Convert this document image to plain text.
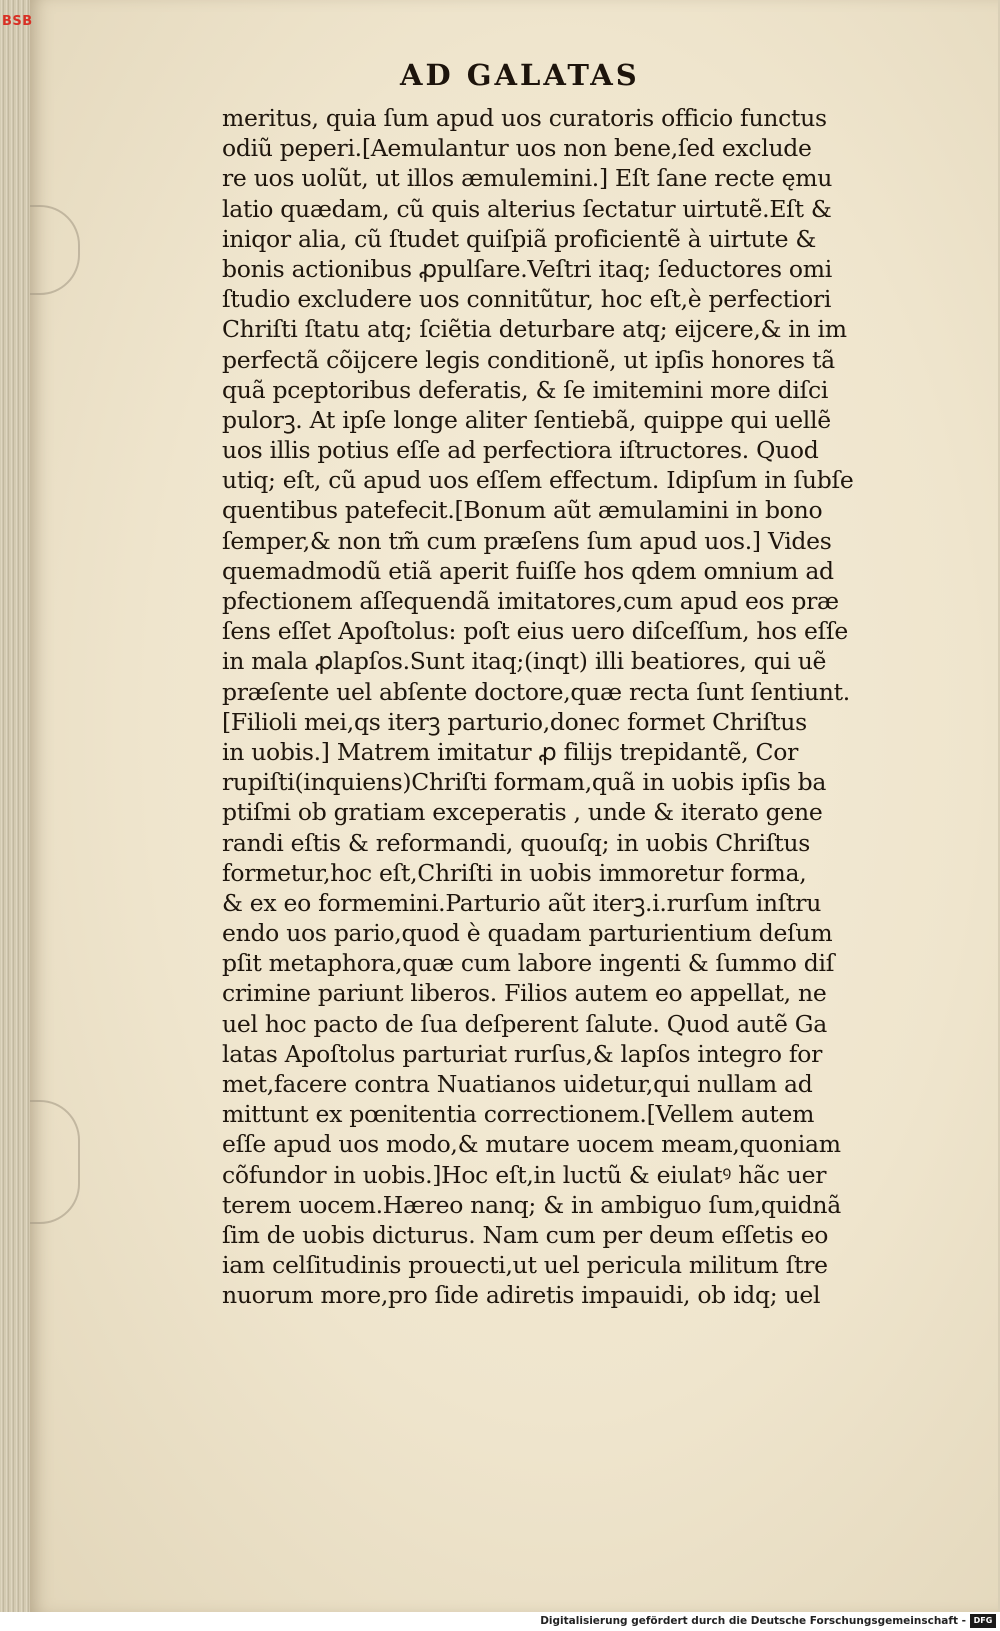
BSB
AD GALATAS
meritus, quia ſum apud uos curatoris officio functus
odiũ peperi.[Aemulantur uos non bene,ſed exclude
re uos uolũt, ut illos æmulemini.] Eſt ſane recte ęmu
latio quædam, cũ quis alterius ſectatur uirtutẽ.Eſt &
iniqor alia, cũ ſtudet quiſpiã proficientẽ à uirtute &
bonis actionibus ꝓpulſare.Veſtri itaq; ſeductores omi
ſtudio excludere uos connitũtur, hoc eſt,è perfectiori
Chriſti ſtatu atq; ſciẽtia deturbare atq; eijcere,& in im
perfectã cõijcere legis conditionẽ, ut ipſis honores tã
quã pceptoribus deferatis, & ſe imitemini more diſci
pulorꝫ. At ipſe longe aliter ſentiebã, quippe qui uellẽ
uos illis potius eſſe ad perfectiora iſtructores. Quod
utiq; eſt, cũ apud uos eſſem effectum. Idipſum in ſubſe
quentibus patefecit.[Bonum aũt æmulamini in bono
ſemper,& non tm̃ cum præſens ſum apud uos.] Vides
quemadmodũ etiã aperit fuiſſe hos qdem omnium ad
pfectionem aſſequendã imitatores,cum apud eos præ
ſens eſſet Apoſtolus: poſt eius uero diſceſſum, hos eſſe
in mala ꝓlapſos.Sunt itaq;(inqt) illi beatiores, qui uẽ
præſente uel abſente doctore,quæ recta ſunt ſentiunt.
[Filioli mei,qs iterꝫ parturio,donec formet Chriſtus
in uobis.] Matrem imitatur ꝓ filijs trepidantẽ, Cor
rupiſti(inquiens)Chriſti formam,quã in uobis ipſis ba
ptiſmi ob gratiam exceperatis , unde & iterato gene
randi eſtis & reformandi, quouſq; in uobis Chriſtus
formetur,hoc eſt,Chriſti in uobis immoretur forma,
& ex eo formemini.Parturio aũt iterꝫ.i.rurſum inſtru
endo uos pario,quod è quadam parturientium deſum
pſit metaphora,quæ cum labore ingenti & ſummo diſ
crimine pariunt liberos. Filios autem eo appellat, ne
uel hoc pacto de ſua deſperent ſalute. Quod autẽ Ga
latas Apoſtolus parturiat rurſus,& lapſos integro for
met,facere contra Nuatianos uidetur,qui nullam ad
mittunt ex pœnitentia correctionem.[Vellem autem
eſſe apud uos modo,& mutare uocem meam,quoniam
cõfundor in uobis.]Hoc eſt,in luctũ & eiulatꝰ hãc uer
terem uocem.Hæreo nanq; & in ambiguo ſum,quidnã
ſim de uobis dicturus. Nam cum per deum eſſetis eo
iam celſitudinis prouecti,ut uel pericula militum ſtre
nuorum more,pro ſide adiretis impauidi, ob idq; uel
Digitalisierung gefördert durch die Deutsche Forschungsgemeinschaft - DFG
